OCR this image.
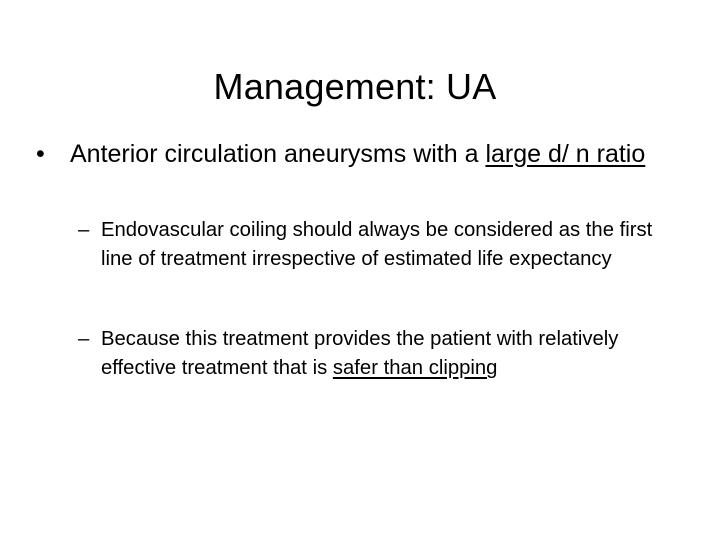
Management: UA
•	Anterior circulation aneurysms with a large d/ n ratio
– Endovascular coiling should always be considered as the first line of treatment irrespective of estimated life expectancy
– Because this treatment provides the patient with relatively effective treatment that is safer than clipping
